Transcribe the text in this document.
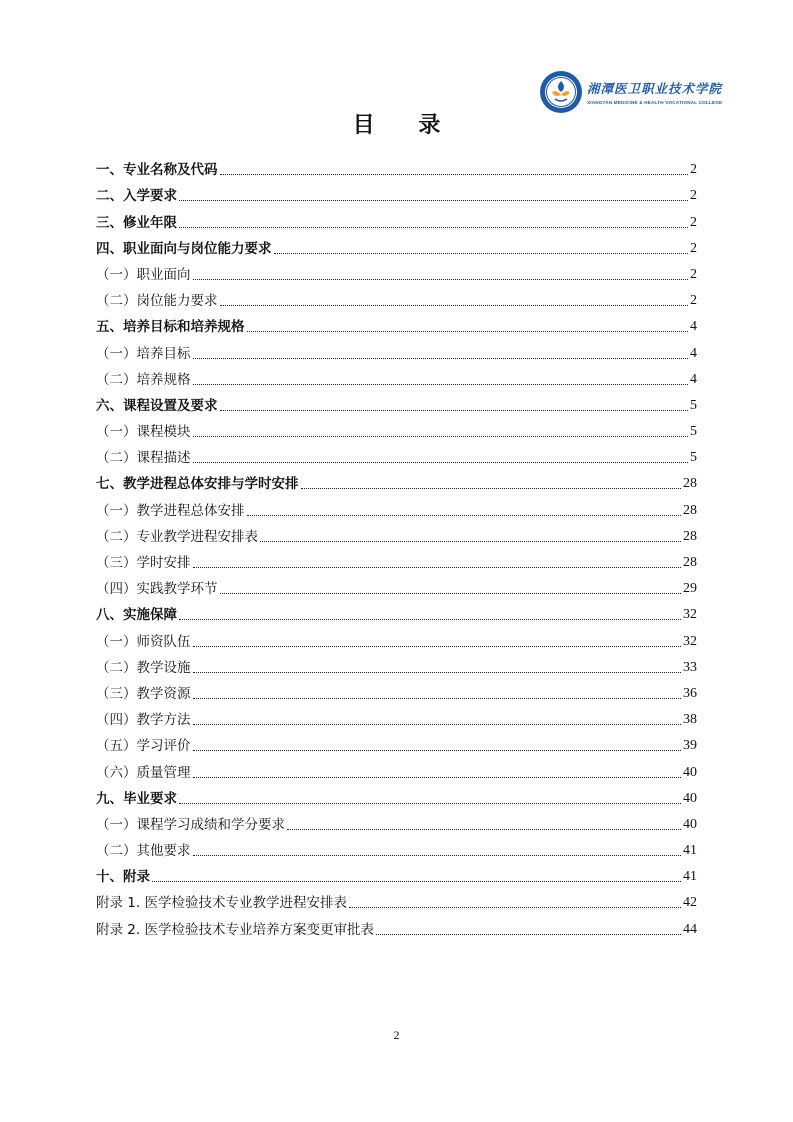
湘潭医卫职业技术学院
XIANGTAN MEDICINE & HEALTH VOCATIONAL COLLEGE
目 录
一、专业名称及代码	2
二、入学要求	2
三、修业年限	2
四、职业面向与岗位能力要求	2
（一）职业面向	2
（二）岗位能力要求	2
五、培养目标和培养规格	4
（一）培养目标	4
（二）培养规格	4
六、课程设置及要求	5
（一）课程模块	5
（二）课程描述	5
七、教学进程总体安排与学时安排	28
（一）教学进程总体安排	28
（二）专业教学进程安排表	28
（三）学时安排	28
（四）实践教学环节	29
八、实施保障	32
（一）师资队伍	32
（二）教学设施	33
（三）教学资源	36
（四）教学方法	38
（五）学习评价	39
（六）质量管理	40
九、毕业要求	40
（一）课程学习成绩和学分要求	40
（二）其他要求	41
十、附录	41
附录 1. 医学检验技术专业教学进程安排表	42
附录 2. 医学检验技术专业培养方案变更审批表	44
2
